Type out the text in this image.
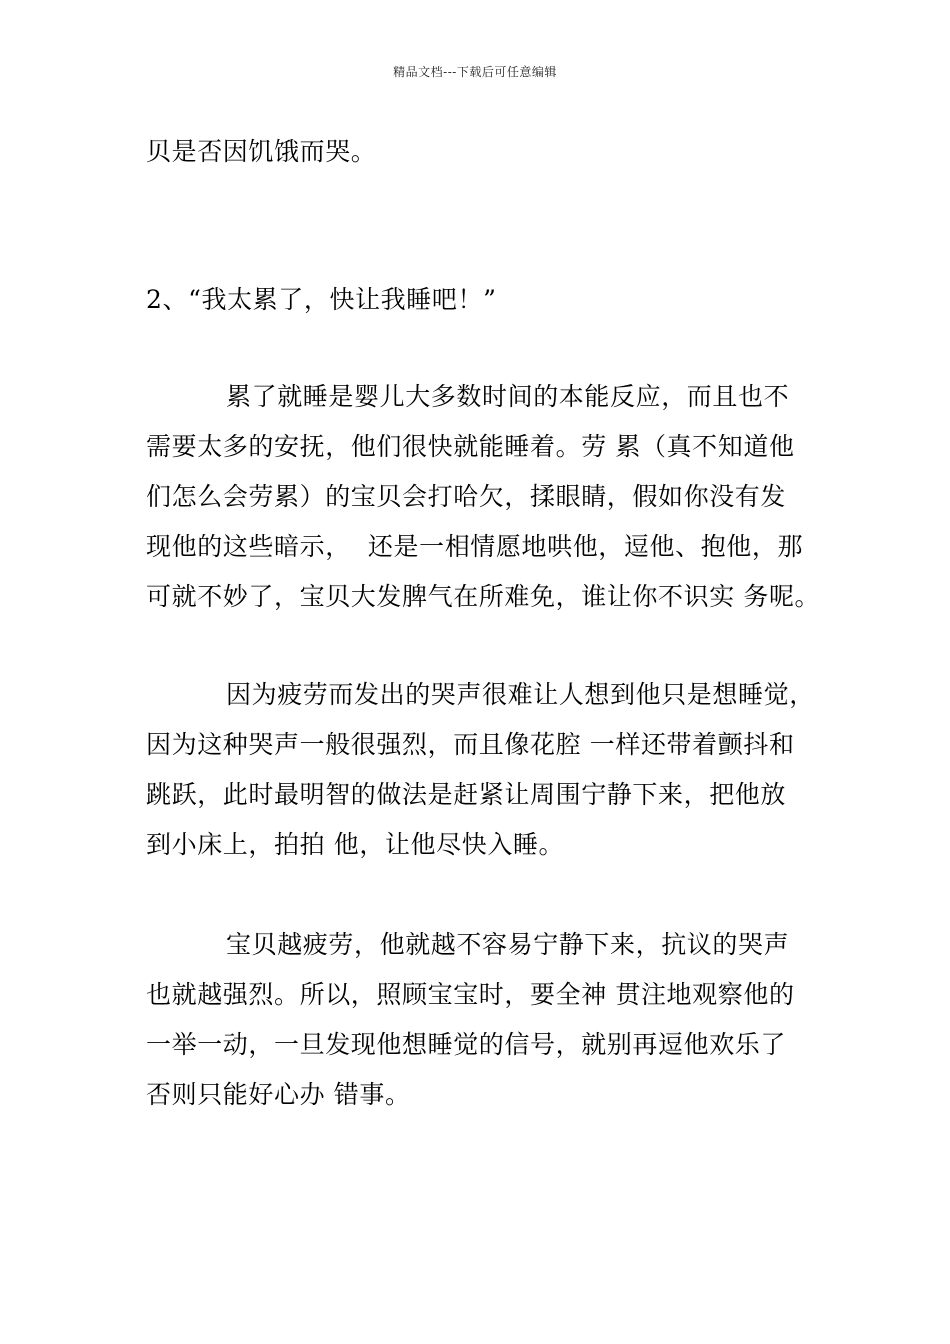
精品文档---下载后可任意编辑
贝是否因饥饿而哭。
2、“我太累了，快让我睡吧！”
累了就睡是婴儿大多数时间的本能反应，而且也不
需要太多的安抚，他们很快就能睡着。劳 累（真不知道他
们怎么会劳累）的宝贝会打哈欠，揉眼睛，假如你没有发
现他的这些暗示，  还是一相情愿地哄他，逗他、抱他，那
可就不妙了，宝贝大发脾气在所难免，谁让你不识实 务呢。
因为疲劳而发出的哭声很难让人想到他只是想睡觉，
因为这种哭声一般很强烈，而且像花腔 一样还带着颤抖和
跳跃，此时最明智的做法是赶紧让周围宁静下来，把他放
到小床上，拍拍 他，让他尽快入睡。
宝贝越疲劳，他就越不容易宁静下来，抗议的哭声
也就越强烈。所以，照顾宝宝时，要全神 贯注地观察他的
一举一动，一旦发现他想睡觉的信号，就别再逗他欢乐了
否则只能好心办 错事。
